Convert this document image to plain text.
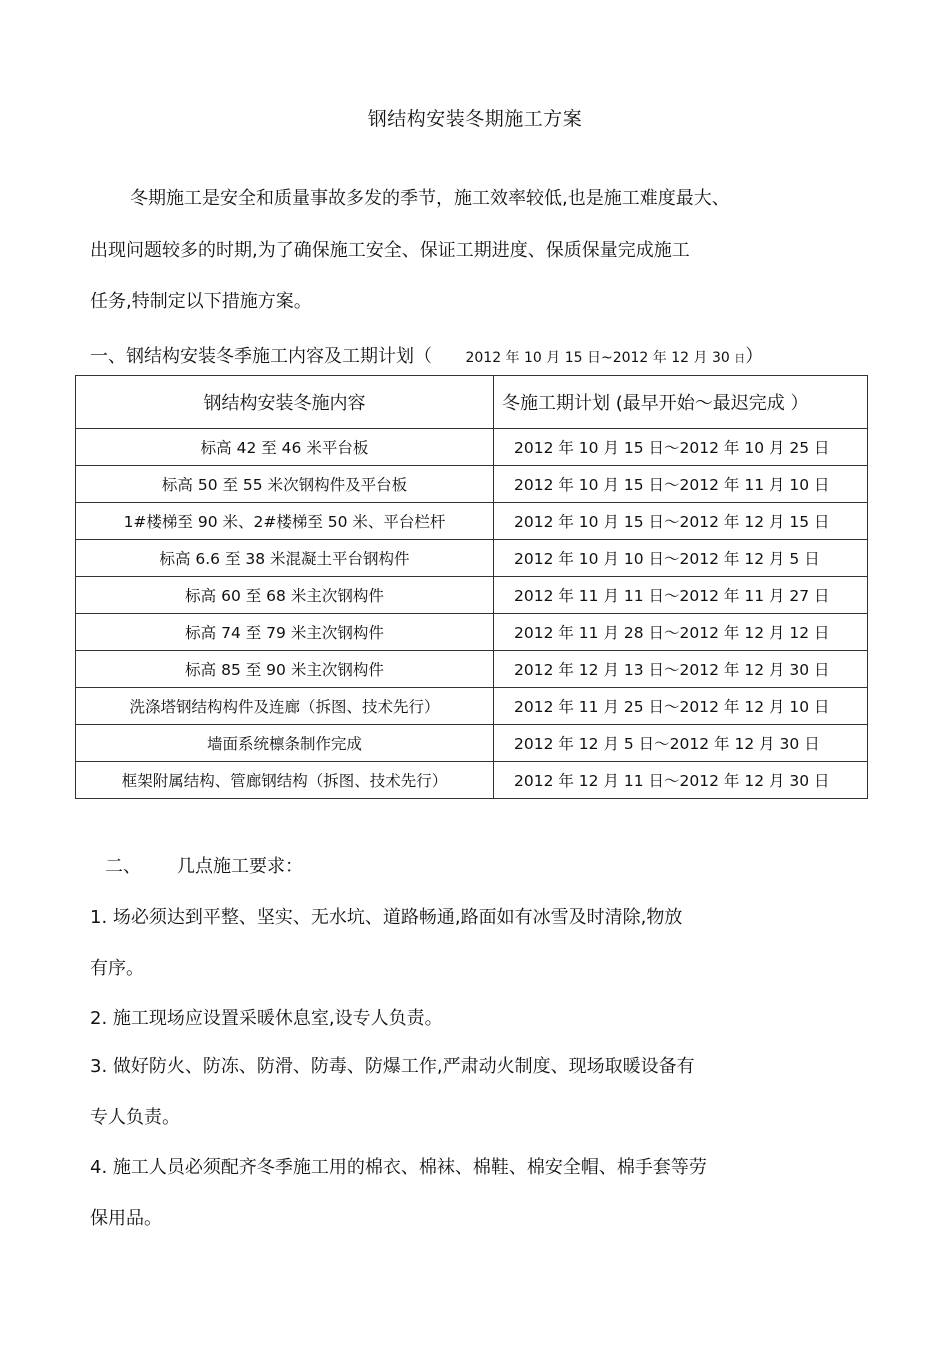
钢结构安装冬期施工方案
冬期施工是安全和质量事故多发的季节，施工效率较低,也是施工难度最大、
出现问题较多的时期,为了确保施工安全、保证工期进度、保质保量完成施工
任务,特制定以下措施方案。
一、钢结构安装冬季施工内容及工期计划（ 2012 年 10 月 15 日~2012 年 12 月 30 日）
钢结构安装冬施内容	冬施工期计划 (最早开始～最迟完成 ）
标高 42 至 46 米平台板	2012 年 10 月 15 日～2012 年 10 月 25 日
标高 50 至 55 米次钢构件及平台板	2012 年 10 月 15 日～2012 年 11 月 10 日
1#楼梯至 90 米、2#楼梯至 50 米、平台栏杆	2012 年 10 月 15 日～2012 年 12 月 15 日
标高 6.6 至 38 米混凝土平台钢构件	2012 年 10 月 10 日～2012 年 12 月 5 日
标高 60 至 68 米主次钢构件	2012 年 11 月 11 日～2012 年 11 月 27 日
标高 74 至 79 米主次钢构件	2012 年 11 月 28 日～2012 年 12 月 12 日
标高 85 至 90 米主次钢构件	2012 年 12 月 13 日～2012 年 12 月 30 日
洗涤塔钢结构构件及连廊（拆图、技术先行）	2012 年 11 月 25 日～2012 年 12 月 10 日
墙面系统檩条制作完成	2012 年 12 月 5 日～2012 年 12 月 30 日
框架附属结构、管廊钢结构（拆图、技术先行）	2012 年 12 月 11 日～2012 年 12 月 30 日
二、 几点施工要求：
1. 场必须达到平整、坚实、无水坑、道路畅通,路面如有冰雪及时清除,物放
有序。
2. 施工现场应设置采暖休息室,设专人负责。
3. 做好防火、防冻、防滑、防毒、防爆工作,严肃动火制度、现场取暖设备有
专人负责。
4. 施工人员必须配齐冬季施工用的棉衣、棉袜、棉鞋、棉安全帽、棉手套等劳
保用品。
